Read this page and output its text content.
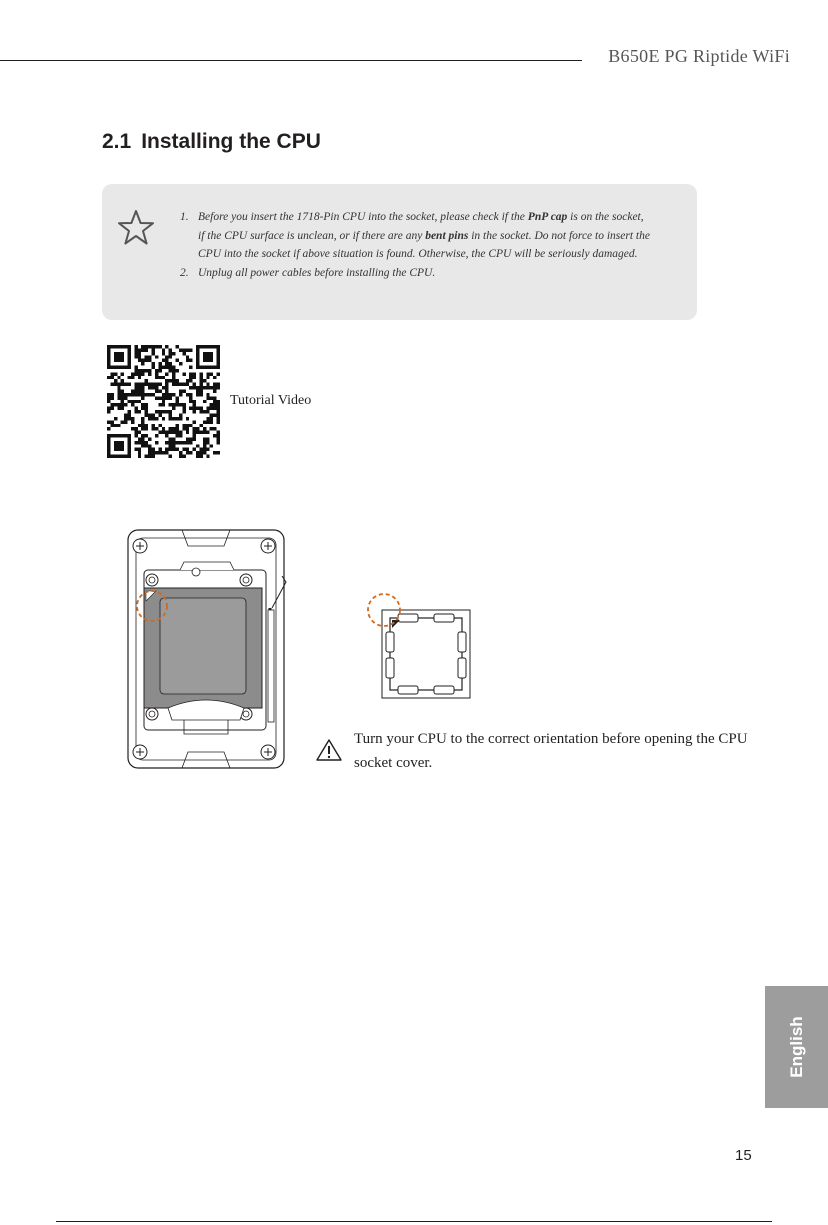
B650E PG Riptide WiFi
2.1 Installing the CPU
1. Before you insert the 1718-Pin CPU into the socket, please check if the PnP cap is on the socket, if the CPU surface is unclean, or if there are any bent pins in the socket. Do not force to insert the CPU into the socket if above situation is found. Otherwise, the CPU will be seriously damaged.
2. Unplug all power cables before installing the CPU.
Tutorial Video
Turn your CPU to the correct orientation before opening the CPU socket cover.
English
15
